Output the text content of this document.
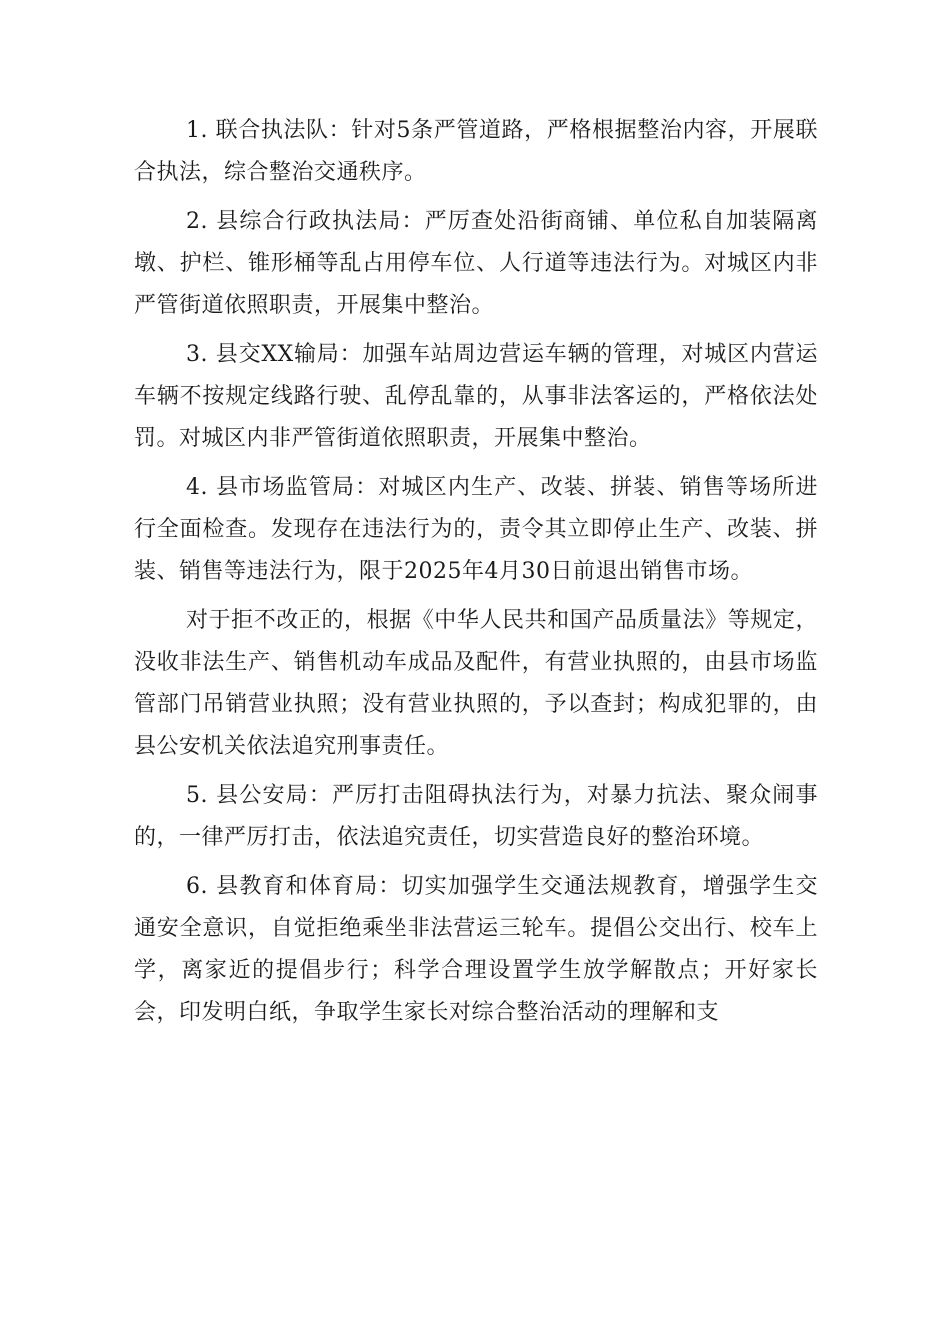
1. 联合执法队：针对5条严管道路，严格根据整治内容，开展联合执法，综合整治交通秩序。

2. 县综合行政执法局：严厉查处沿街商铺、单位私自加装隔离墩、护栏、锥形桶等乱占用停车位、人行道等违法行为。对城区内非严管街道依照职责，开展集中整治。

3. 县交XX输局：加强车站周边营运车辆的管理，对城区内营运车辆不按规定线路行驶、乱停乱靠的，从事非法客运的，严格依法处罚。对城区内非严管街道依照职责，开展集中整治。

4. 县市场监管局：对城区内生产、改装、拼装、销售等场所进行全面检查。发现存在违法行为的，责令其立即停止生产、改装、拼装、销售等违法行为，限于2025年4月30日前退出销售市场。

对于拒不改正的，根据《中华人民共和国产品质量法》等规定，没收非法生产、销售机动车成品及配件，有营业执照的，由县市场监管部门吊销营业执照；没有营业执照的，予以查封；构成犯罪的，由县公安机关依法追究刑事责任。

5. 县公安局：严厉打击阻碍执法行为，对暴力抗法、聚众闹事的，一律严厉打击，依法追究责任，切实营造良好的整治环境。

6. 县教育和体育局：切实加强学生交通法规教育，增强学生交通安全意识，自觉拒绝乘坐非法营运三轮车。提倡公交出行、校车上学，离家近的提倡步行；科学合理设置学生放学解散点；开好家长会，印发明白纸，争取学生家长对综合整治活动的理解和支
